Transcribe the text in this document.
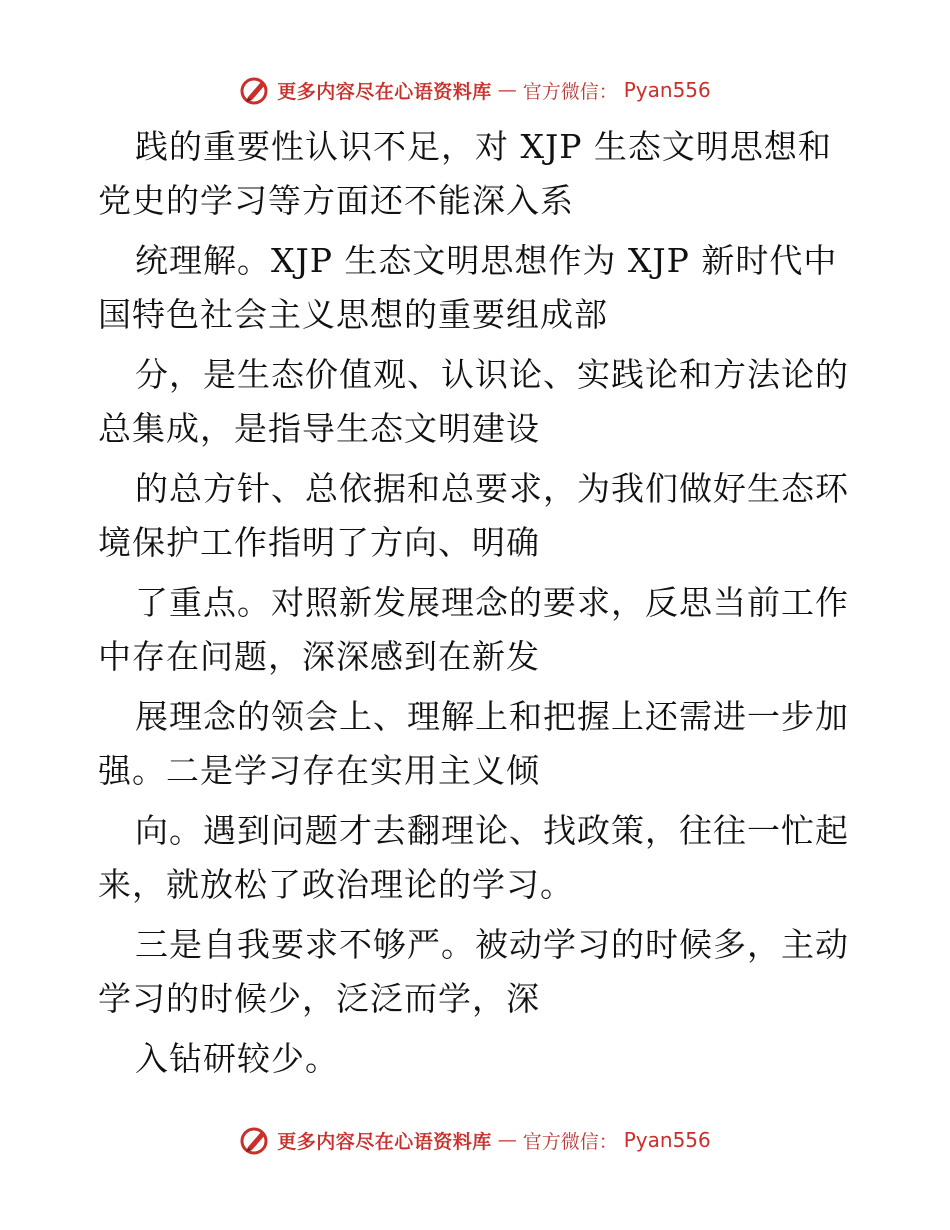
更多内容尽在心语资料库 — 官方微信： Pyan556
践的重要性认识不足，对 XJP 生态文明思想和
党史的学习等方面还不能深入系
统理解。XJP 生态文明思想作为 XJP 新时代中
国特色社会主义思想的重要组成部
分，是生态价值观、认识论、实践论和方法论的
总集成，是指导生态文明建设
的总方针、总依据和总要求，为我们做好生态环
境保护工作指明了方向、明确
了重点。对照新发展理念的要求，反思当前工作
中存在问题，深深感到在新发
展理念的领会上、理解上和把握上还需进一步加
强。二是学习存在实用主义倾
向。遇到问题才去翻理论、找政策，往往一忙起
来，就放松了政治理论的学习。
三是自我要求不够严。被动学习的时候多，主动
学习的时候少，泛泛而学，深
入钻研较少。
更多内容尽在心语资料库 — 官方微信： Pyan556
